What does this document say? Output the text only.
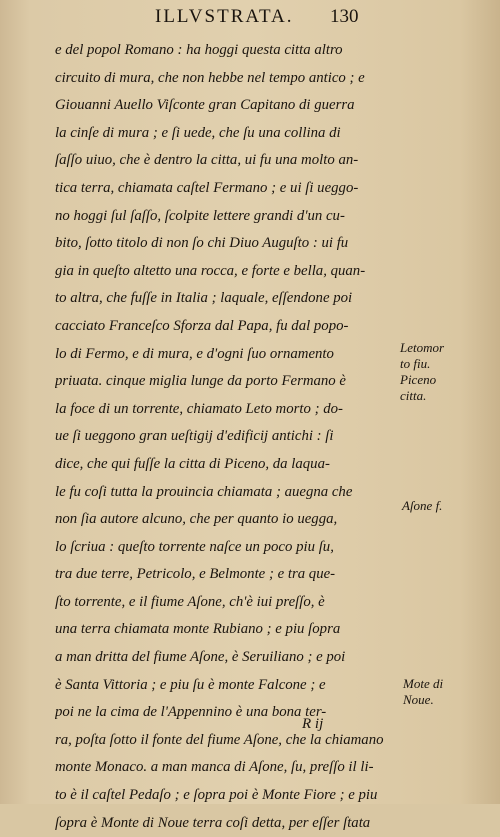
ILLVSTRATA. 130
e del popol Romano : ha hoggi questa citta altro
circuito di mura, che non hebbe nel tempo antico ; e
Giouanni Auello Viſconte gran Capitano di guerra
la cinſe di mura ; e ſi uede, che ſu una collina di
ſaſſo uiuo, che è dentro la citta, ui fu una molto an-
tica terra, chiamata caſtel Fermano ; e ui ſi ueggo-
no hoggi ſul ſaſſo, ſcolpite lettere grandi d'un cu-
bito, ſotto titolo di non ſo chi Diuo Auguſto : ui fu
gia in queſto altetto una rocca, e forte e bella, quan-
to altra, che fuſſe in Italia ; laquale, eſſendone poi
cacciato Franceſco Sforza dal Papa, fu dal popo-
lo di Fermo, e di mura, e d'ogni ſuo ornamento
priuata. cinque miglia lunge da porto Fermano è
la foce di un torrente, chiamato Leto morto ; do-
ue ſi ueggono gran ueſtigij d'edificij antichi : ſi
dice, che qui fuſſe la citta di Piceno, da laqua-
le fu coſi tutta la prouincia chiamata ; auegna che
non ſia autore alcuno, che per quanto io uegga,
lo ſcriua : queſto torrente naſce un poco piu ſu,
tra due terre, Petricolo, e Belmonte ; e tra que-
ſto torrente, e il fiume Aſone, ch'è iui preſſo, è
una terra chiamata monte Rubiano ; e piu ſopra
a man dritta del fiume Aſone, è Seruiliano ; e poi
è Santa Vittoria ; e piu ſu è monte Falcone ; e
poi ne la cima de l'Appennino è una bona ter-
ra, poſta ſotto il fonte del fiume Aſone, che la chiamano
monte Monaco. a man manca di Aſone, ſu, preſſo il li-
to è il caſtel Pedaſo ; e ſopra poi è Monte Fiore ; e piu
ſopra è Monte di Noue terra coſi detta, per eſſer ſtata
Letomor
to fiu.
Piceno
citta.
Aſone f.
Mote di
Noue.
R ij
